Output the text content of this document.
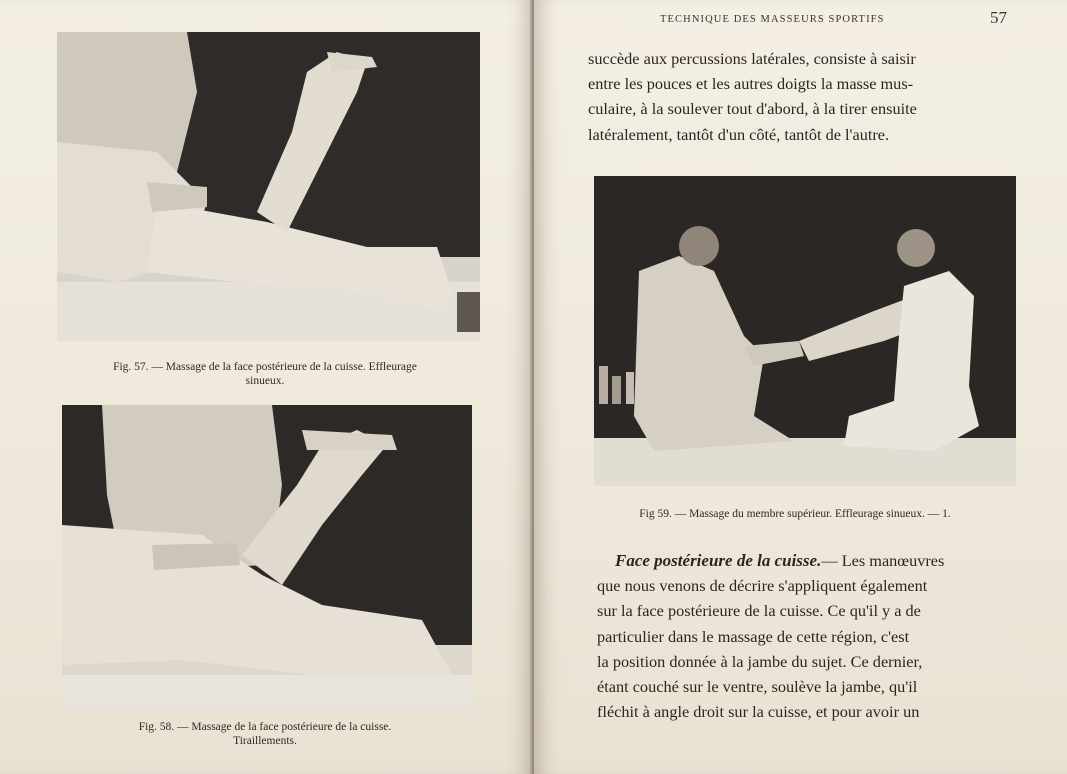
Fig. 57. — Massage de la face postérieure de la cuisse. Effleurage
sinueux.
Fig. 58. — Massage de la face postérieure de la cuisse.
Tiraillements.
TECHNIQUE DES MASSEURS SPORTIFS	57

succède aux percussions latérales, consiste à saisir

entre les pouces et les autres doigts la masse mus-

culaire, à la soulever tout d'abord, à la tirer ensuite

latéralement, tantôt d'un côté, tantôt de l'autre.

Fig 59. — Massage du membre supérieur. Effleurage sinueux. — 1.

Face postérieure de la cuisse.— Les manœuvres

que nous venons de décrire s'appliquent également

sur la face postérieure de la cuisse. Ce qu'il y a de

particulier dans le massage de cette région, c'est

la position donnée à la jambe du sujet. Ce dernier,

étant couché sur le ventre, soulève la jambe, qu'il

fléchit à angle droit sur la cuisse, et pour avoir un
